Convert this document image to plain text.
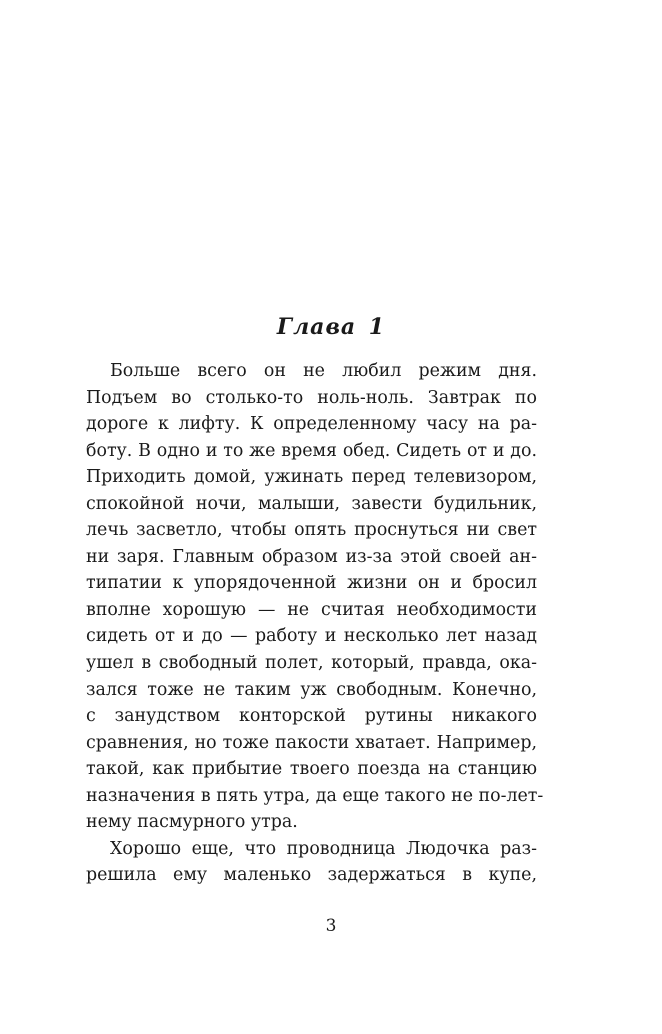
Глава 1
Больше всего он не любил режим дня.
Подъем во столько-то ноль-ноль. Завтрак по
дороге к лифту. К определенному часу на ра-
боту. В одно и то же время обед. Сидеть от и до.
Приходить домой, ужинать перед телевизором,
спокойной ночи, малыши, завести будильник,
лечь засветло, чтобы опять проснуться ни свет
ни заря. Главным образом из-за этой своей ан-
типатии к упорядоченной жизни он и бросил
вполне хорошую — не считая необходимости
сидеть от и до — работу и несколько лет назад
ушел в свободный полет, который, правда, ока-
зался тоже не таким уж свободным. Конечно,
с занудством конторской рутины никакого
сравнения, но тоже пакости хватает. Например,
такой, как прибытие твоего поезда на станцию
назначения в пять утра, да еще такого не по-лет-
нему пасмурного утра.
Хорошо еще, что проводница Людочка раз-
решила ему маленько задержаться в купе,
3
